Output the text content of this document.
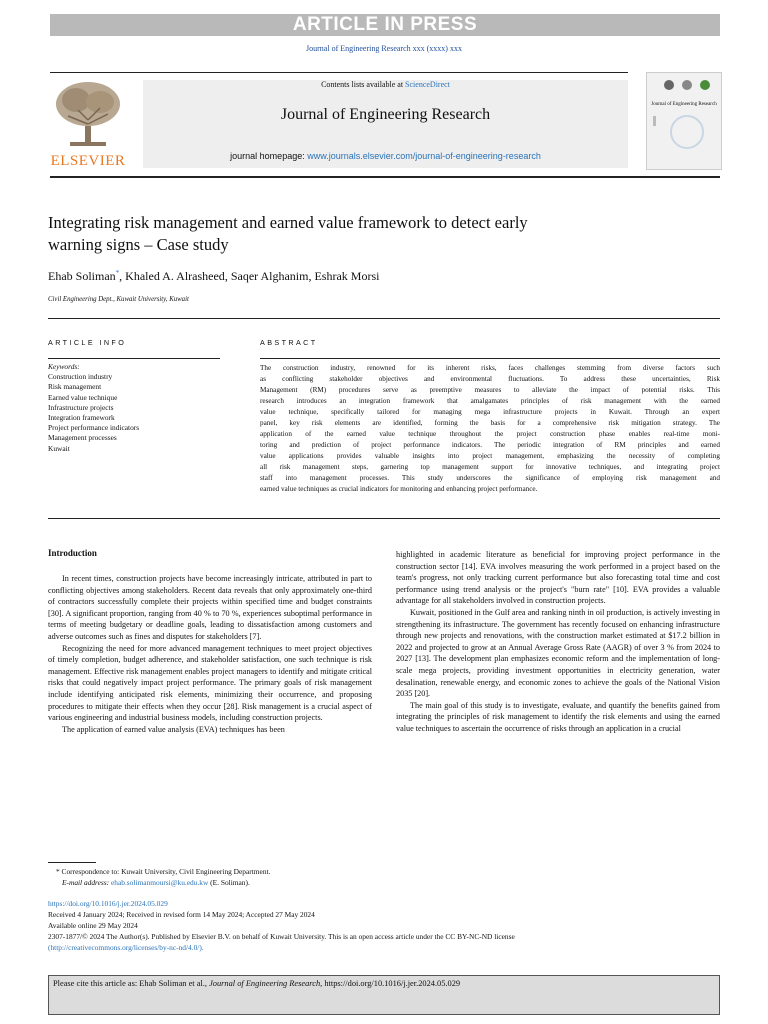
ARTICLE IN PRESS
Journal of Engineering Research xxx (xxxx) xxx
ELSEVIER
Contents lists available at ScienceDirect
Journal of Engineering Research
journal homepage: www.journals.elsevier.com/journal-of-engineering-research
Journal of Engineering Research
Integrating risk management and earned value framework to detect early
warning signs – Case study
Ehab Soliman*, Khaled A. Alrasheed, Saqer Alghanim, Eshrak Morsi
Civil Engineering Dept., Kuwait University, Kuwait
ARTICLE INFO
Keywords:
Construction industry
Risk management
Earned value technique
Infrastructure projects
Integration framework
Project performance indicators
Management processes
Kuwait
ABSTRACT
The construction industry, renowned for its inherent risks, faces challenges stemming from diverse factors such
as conflicting stakeholder objectives and environmental fluctuations. To address these uncertainties, Risk
Management (RM) procedures serve as preemptive measures to alleviate the impact of potential risks. This
research introduces an integration framework that amalgamates principles of risk management with the earned
value technique, specifically tailored for managing mega infrastructure projects in Kuwait. Through an expert
panel, key risk elements are identified, forming the basis for a comprehensive risk mitigation strategy. The
application of the earned value technique throughout the project construction phase enables real-time moni-
toring and prediction of project performance indicators. The periodic integration of RM principles and earned
value applications provides valuable insights into project management, emphasizing the necessity of completing
all risk management steps, garnering top management support for innovative techniques, and integrating project
staff into management processes. This study underscores the significance of employing risk management and
earned value techniques as crucial indicators for monitoring and enhancing project performance.
Introduction

In recent times, construction projects have become increasingly intricate, attributed in part to conflicting objectives among stakeholders. Recent data reveals that only approximately one-third of contractors successfully complete their projects within specified time and budget constraints [30]. A significant proportion, ranging from 40 % to 70 %, experiences suboptimal performance in terms of meeting budgetary or deadline goals, leading to dissatisfaction among customers and adverse outcomes such as fines and disputes for stakeholders [7].

Recognizing the need for more advanced management techniques to meet project objectives of timely completion, budget adherence, and stakeholder satisfaction, one such technique is risk management. Effective risk management enables project managers to identify and mitigate critical risks that could negatively impact project performance. The primary goals of risk management include identifying anticipated risk elements, minimizing their occurrence, and proposing procedures to mitigate their effects when they occur [28]. Risk management is a crucial aspect of various engineering and industrial business models, including construction projects.

The application of earned value analysis (EVA) techniques has been

highlighted in academic literature as beneficial for improving project performance in the construction sector [14]. EVA involves measuring the work performed in a project based on the team's progress, not only tracking current performance but also forecasting total time and cost performance using trend analysis or the project's "burn rate" [10]. EVA provides a valuable advantage for all stakeholders involved in construction projects.

Kuwait, positioned in the Gulf area and ranking ninth in oil production, is actively investing in strengthening its infrastructure. The government has recently focused on enhancing infrastructure through new projects and renovations, with the construction market estimated at $17.2 billion in 2022 and projected to grow at an Annual Average Gross Rate (AAGR) of over 3 % from 2024 to 2027 [13]. The development plan emphasizes economic reform and the implementation of long-scale mega projects, providing investment opportunities in electricity generation, water desalination, renewable energy, and economic zones to achieve the goals of the National Vision 2035 [20].

The main goal of this study is to investigate, evaluate, and quantify the benefits gained from integrating the principles of risk management to identify the risk elements and using the earned value techniques to ascertain the occurrence of risks through an application in a crucial

* Correspondence to: Kuwait University, Civil Engineering Department.
E-mail address: ehab.solimanmoursi@ku.edu.kw (E. Soliman).
https://doi.org/10.1016/j.jer.2024.05.029
Received 4 January 2024; Received in revised form 14 May 2024; Accepted 27 May 2024
Available online 29 May 2024
2307-1877/© 2024 The Author(s). Published by Elsevier B.V. on behalf of Kuwait University. This is an open access article under the CC BY-NC-ND license
(http://creativecommons.org/licenses/by-nc-nd/4.0/).
Please cite this article as: Ehab Soliman et al., Journal of Engineering Research, https://doi.org/10.1016/j.jer.2024.05.029
